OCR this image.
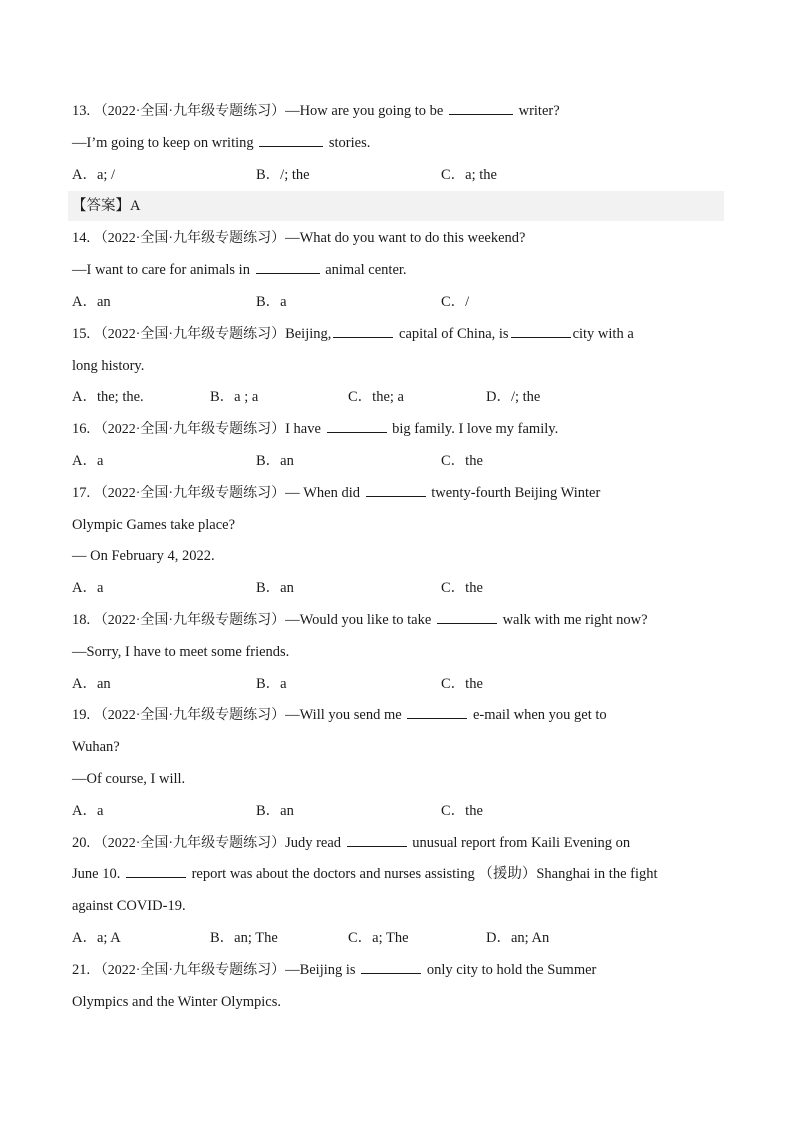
13. （2022·全国·九年级专题练习）—How are you going to be	writer?
—I’m going to keep on writing	stories.
A．a; /	B．/; the	C．a; the
【答案】A
14. （2022·全国·九年级专题练习）—What do you want to do this weekend?
—I want to care for animals in	animal center.
A．an	B．a	C．/
15. （2022·全国·九年级专题练习）Beijing,	capital of China, is	city with a
long history.
A．the; the.	B．a ; a	C．the; a	D．/; the
16. （2022·全国·九年级专题练习）I have	big family. I love my family.
A．a	B．an	C．the
17. （2022·全国·九年级专题练习）— When did	twenty-fourth Beijing Winter
Olympic Games take place?
— On February 4, 2022.
A．a	B．an	C．the
18. （2022·全国·九年级专题练习）—Would you like to take	walk with me right now?
—Sorry, I have to meet some friends.
A．an	B．a	C．the
19. （2022·全国·九年级专题练习）—Will you send me	e-mail when you get to
Wuhan?
—Of course, I will.
A．a	B．an	C．the
20. （2022·全国·九年级专题练习）Judy read	unusual report from Kaili Evening on
June 10.	report was about the doctors and nurses assisting （援助）Shanghai in the fight
against COVID-19.
A．a; A	B．an; The	C．a; The	D．an; An
21. （2022·全国·九年级专题练习）—Beijing is	only city to hold the Summer
Olympics and the Winter Olympics.
